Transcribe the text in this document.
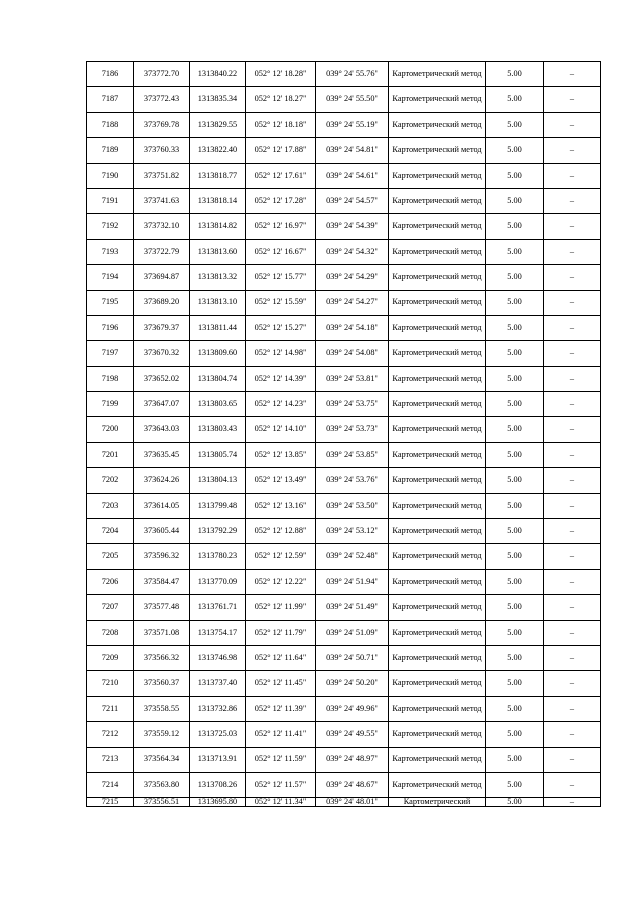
7186	373772.70	1313840.22	052° 12' 18.28"	039° 24' 55.76"	Картометрический метод	5.00	–
7187	373772.43	1313835.34	052° 12' 18.27"	039° 24' 55.50"	Картометрический метод	5.00	–
7188	373769.78	1313829.55	052° 12' 18.18"	039° 24' 55.19"	Картометрический метод	5.00	–
7189	373760.33	1313822.40	052° 12' 17.88"	039° 24' 54.81"	Картометрический метод	5.00	–
7190	373751.82	1313818.77	052° 12' 17.61"	039° 24' 54.61"	Картометрический метод	5.00	–
7191	373741.63	1313818.14	052° 12' 17.28"	039° 24' 54.57"	Картометрический метод	5.00	–
7192	373732.10	1313814.82	052° 12' 16.97"	039° 24' 54.39"	Картометрический метод	5.00	–
7193	373722.79	1313813.60	052° 12' 16.67"	039° 24' 54.32"	Картометрический метод	5.00	–
7194	373694.87	1313813.32	052° 12' 15.77"	039° 24' 54.29"	Картометрический метод	5.00	–
7195	373689.20	1313813.10	052° 12' 15.59"	039° 24' 54.27"	Картометрический метод	5.00	–
7196	373679.37	1313811.44	052° 12' 15.27"	039° 24' 54.18"	Картометрический метод	5.00	–
7197	373670.32	1313809.60	052° 12' 14.98"	039° 24' 54.08"	Картометрический метод	5.00	–
7198	373652.02	1313804.74	052° 12' 14.39"	039° 24' 53.81"	Картометрический метод	5.00	–
7199	373647.07	1313803.65	052° 12' 14.23"	039° 24' 53.75"	Картометрический метод	5.00	–
7200	373643.03	1313803.43	052° 12' 14.10"	039° 24' 53.73"	Картометрический метод	5.00	–
7201	373635.45	1313805.74	052° 12' 13.85"	039° 24' 53.85"	Картометрический метод	5.00	–
7202	373624.26	1313804.13	052° 12' 13.49"	039° 24' 53.76"	Картометрический метод	5.00	–
7203	373614.05	1313799.48	052° 12' 13.16"	039° 24' 53.50"	Картометрический метод	5.00	–
7204	373605.44	1313792.29	052° 12' 12.88"	039° 24' 53.12"	Картометрический метод	5.00	–
7205	373596.32	1313780.23	052° 12' 12.59"	039° 24' 52.48"	Картометрический метод	5.00	–
7206	373584.47	1313770.09	052° 12' 12.22"	039° 24' 51.94"	Картометрический метод	5.00	–
7207	373577.48	1313761.71	052° 12' 11.99"	039° 24' 51.49"	Картометрический метод	5.00	–
7208	373571.08	1313754.17	052° 12' 11.79"	039° 24' 51.09"	Картометрический метод	5.00	–
7209	373566.32	1313746.98	052° 12' 11.64"	039° 24' 50.71"	Картометрический метод	5.00	–
7210	373560.37	1313737.40	052° 12' 11.45"	039° 24' 50.20"	Картометрический метод	5.00	–
7211	373558.55	1313732.86	052° 12' 11.39"	039° 24' 49.96"	Картометрический метод	5.00	–
7212	373559.12	1313725.03	052° 12' 11.41"	039° 24' 49.55"	Картометрический метод	5.00	–
7213	373564.34	1313713.91	052° 12' 11.59"	039° 24' 48.97"	Картометрический метод	5.00	–
7214	373563.80	1313708.26	052° 12' 11.57"	039° 24' 48.67"	Картометрический метод	5.00	–
7215	373556.51	1313695.80	052° 12' 11.34"	039° 24' 48.01"	Картометрический	5.00	–
